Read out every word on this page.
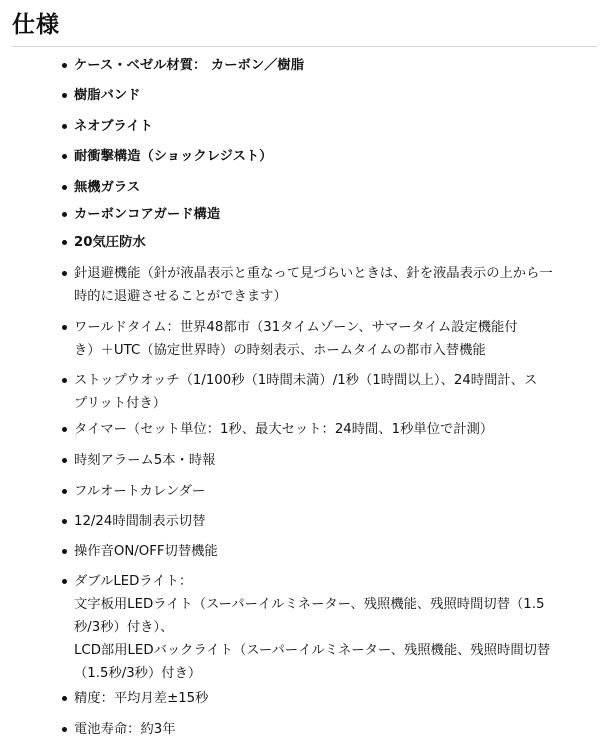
仕様
ケース・ベゼル材質： カーボン／樹脂
樹脂バンド
ネオブライト
耐衝撃構造（ショックレジスト）
無機ガラス
カーボンコアガード構造
20気圧防水
針退避機能（針が液晶表示と重なって見づらいときは、針を液晶表示の上から一
時的に退避させることができます）
ワールドタイム：世界48都市（31タイムゾーン、サマータイム設定機能付
き）＋UTC（協定世界時）の時刻表示、ホームタイムの都市入替機能
ストップウオッチ（1/100秒（1時間未満）/1秒（1時間以上）、24時間計、ス
プリット付き）
タイマー（セット単位：1秒、最大セット：24時間、1秒単位で計測）
時刻アラーム5本・時報
フルオートカレンダー
12/24時間制表示切替
操作音ON/OFF切替機能
ダブルLEDライト：
文字板用LEDライト（スーパーイルミネーター、残照機能、残照時間切替（1.5
秒/3秒）付き）、
LCD部用LEDバックライト（スーパーイルミネーター、残照機能、残照時間切替
（1.5秒/3秒）付き）
精度：平均月差±15秒
電池寿命：約3年
